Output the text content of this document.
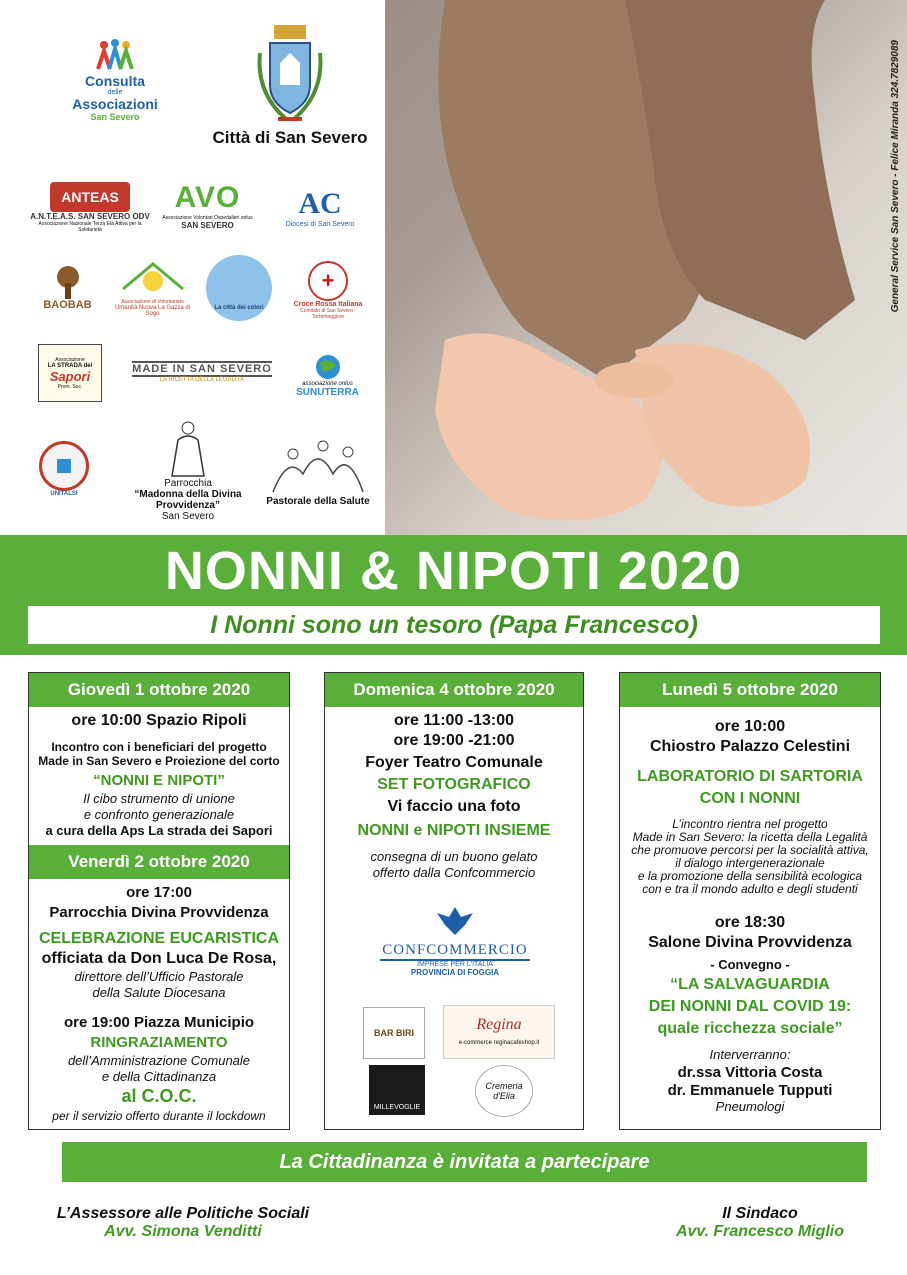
Consulta
delle
Associazioni
San Severo
Città di San Severo
ANTEAS
A.N.T.E.A.S. SAN SEVERO ODV
Associazione Nazionale Terza Età Attiva per la Solidarietà
AVO
Associazione Volontari Ospedalieri onlus
SAN SEVERO
AC
Diocesi di San Severo
BAOBAB	Associazione di Volontariato
Umanità Nuova La Gazza di Sogo
La città dei colori
+
Croce Rossa Italiana
Comitato di San Severo - Torremaggiore
Associazione
LA STRADA dei
Sapori
Prom. Soc.
MADE IN SAN SEVERO
LA RICETTA DELLA LEGALITÀ
associazione onlus
SUNUTERRA
UNITALSI
Parrocchia
“Madonna della Divina Provvidenza”
San Severo
Pastorale della Salute
General Service San Severo - Felice Miranda 324.7829089
NONNI & NIPOTI 2020
I Nonni sono un tesoro (Papa Francesco)
Giovedì 1 ottobre 2020
ore 10:00 Spazio Ripoli
Incontro con i beneficiari del progetto
Made in San Severo e Proiezione del corto
“NONNI E NIPOTI”
Il cibo strumento di unione
e confronto generazionale
a cura della Aps La strada dei Sapori
Venerdì 2 ottobre 2020
ore 17:00
Parrocchia Divina Provvidenza
CELEBRAZIONE EUCARISTICA
officiata da Don Luca De Rosa,
direttore dell’Ufficio Pastorale
della Salute Diocesana
ore 19:00 Piazza Municipio
RINGRAZIAMENTO
dell’Amministrazione Comunale
e della Cittadinanza
al C.O.C.
per il servizio offerto durante il lockdown
Domenica 4 ottobre 2020
ore 11:00 -13:00
ore 19:00 -21:00
Foyer Teatro Comunale
SET FOTOGRAFICO
Vi faccio una foto
NONNI e NIPOTI INSIEME
consegna di un buono gelato
offerto dalla Confcommercio
CONFCOMMERCIO
IMPRESE PER L'ITALIA
PROVINCIA DI FOGGIA
BAR BIRI	Regina
e-commerce reginacafeshop.it
MILLEVOGLIE
Cremeria d'Elia
Lunedì 5 ottobre 2020
ore 10:00
Chiostro Palazzo Celestini
LABORATORIO DI SARTORIA
CON I NONNI
L’incontro rientra nel progetto
Made in San Severo: la ricetta della Legalità
che promuove percorsi per la socialità attiva,
il dialogo intergenerazionale
e la promozione della sensibilità ecologica
con e tra il mondo adulto e degli studenti
ore 18:30
Salone Divina Provvidenza
- Convegno -
“LA SALVAGUARDIA
DEI NONNI DAL COVID 19:
quale ricchezza sociale”
Interverranno:
dr.ssa Vittoria Costa
dr. Emmanuele Tupputi
Pneumologi
La Cittadinanza è invitata a partecipare
L’Assessore alle Politiche Sociali
Avv. Simona Venditti
Il Sindaco
Avv. Francesco Miglio
